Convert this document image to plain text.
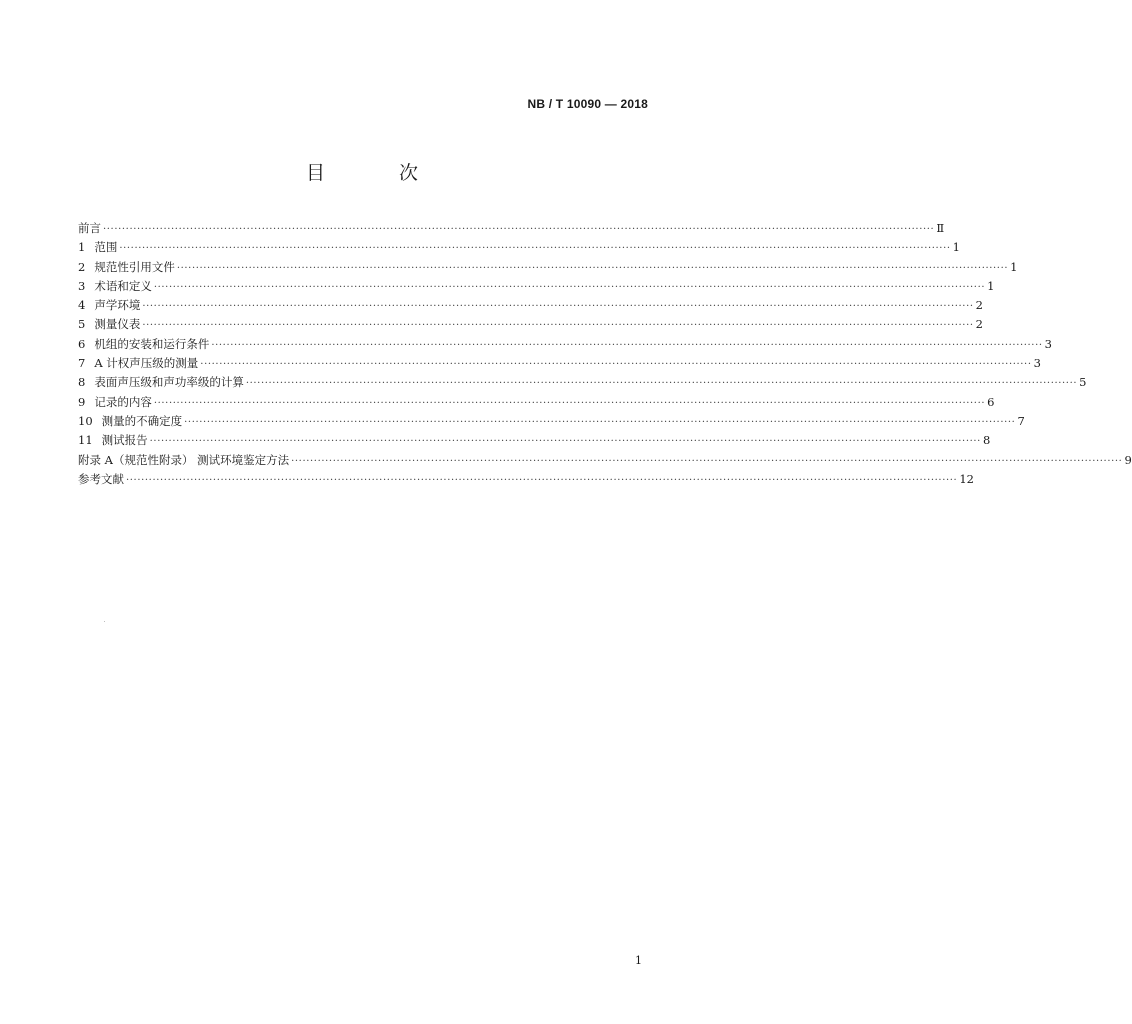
NB / T 10090 — 2018
目 次
前言 ···························································································································································································································· Ⅱ
1 范围 ···························································································································································································································· 1
2 规范性引用文件 ···························································································································································································································· 1
3 术语和定义 ···························································································································································································································· 1
4 声学环境 ···························································································································································································································· 2
5 测量仪表 ···························································································································································································································· 2
6 机组的安装和运行条件 ···························································································································································································································· 3
7 A 计权声压级的测量 ···························································································································································································································· 3
8 表面声压级和声功率级的计算 ···························································································································································································································· 5
9 记录的内容 ···························································································································································································································· 6
10 测量的不确定度 ···························································································································································································································· 7
11 测试报告 ···························································································································································································································· 8
附录 A（规范性附录） 测试环境鉴定方法 ···························································································································································································································· 9
参考文献 ···························································································································································································································· 12
1
